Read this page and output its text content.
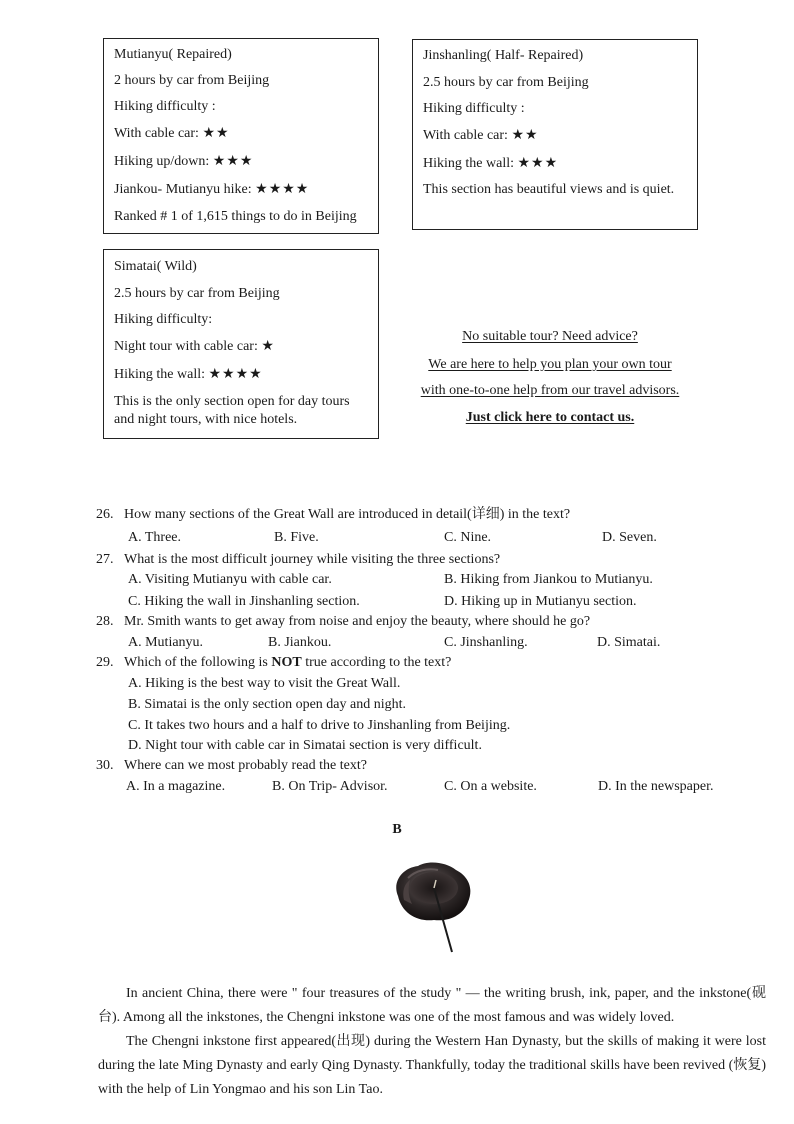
Mutianyu( Repaired)
2 hours by car from Beijing
Hiking difficulty :
With cable car: ★★
Hiking up/down: ★★★
Jiankou- Mutianyu hike: ★★★★
Ranked # 1 of 1,615 things to do in Beijing
Jinshanling( Half- Repaired)
2.5 hours by car from Beijing
Hiking difficulty :
With cable car: ★★
Hiking the wall: ★★★
This section has beautiful views and is quiet.
Simatai( Wild)
2.5 hours by car from Beijing
Hiking difficulty:
Night tour with cable car: ★
Hiking the wall: ★★★★
This is the only section open for day tours
and night tours, with nice hotels.
No suitable tour? Need advice?
We are here to help you plan your own tour
with one-to-one help from our travel advisors.
Just click here to contact us.
26. How many sections of the Great Wall are introduced in detail(详细) in the text?
A. Three.	B. Five.	C. Nine.	D. Seven.
27. What is the most difficult journey while visiting the three sections?
A. Visiting Mutianyu with cable car.	B. Hiking from Jiankou to Mutianyu.
C. Hiking the wall in Jinshanling section.	D. Hiking up in Mutianyu section.
28. Mr. Smith wants to get away from noise and enjoy the beauty, where should he go?
A. Mutianyu.	B. Jiankou.	C. Jinshanling.	D. Simatai.
29. Which of the following is NOT true according to the text?
A. Hiking is the best way to visit the Great Wall.
B. Simatai is the only section open day and night.
C. It takes two hours and a half to drive to Jinshanling from Beijing.
D. Night tour with cable car in Simatai section is very difficult.
30. Where can we most probably read the text?
A. In a magazine.	B. On Trip- Advisor.	C. On a website.	D. In the newspaper.
B

In ancient China, there were " four treasures of the study " — the writing brush, ink, paper, and the inkstone(砚台). Among all the inkstones, the Chengni inkstone was one of the most famous and was widely loved.

The Chengni inkstone first appeared(出现) during the Western Han Dynasty, but the skills of making it were lost during the late Ming Dynasty and early Qing Dynasty. Thankfully, today the traditional skills have been revived (恢复) with the help of Lin Yongmao and his son Lin Tao.
